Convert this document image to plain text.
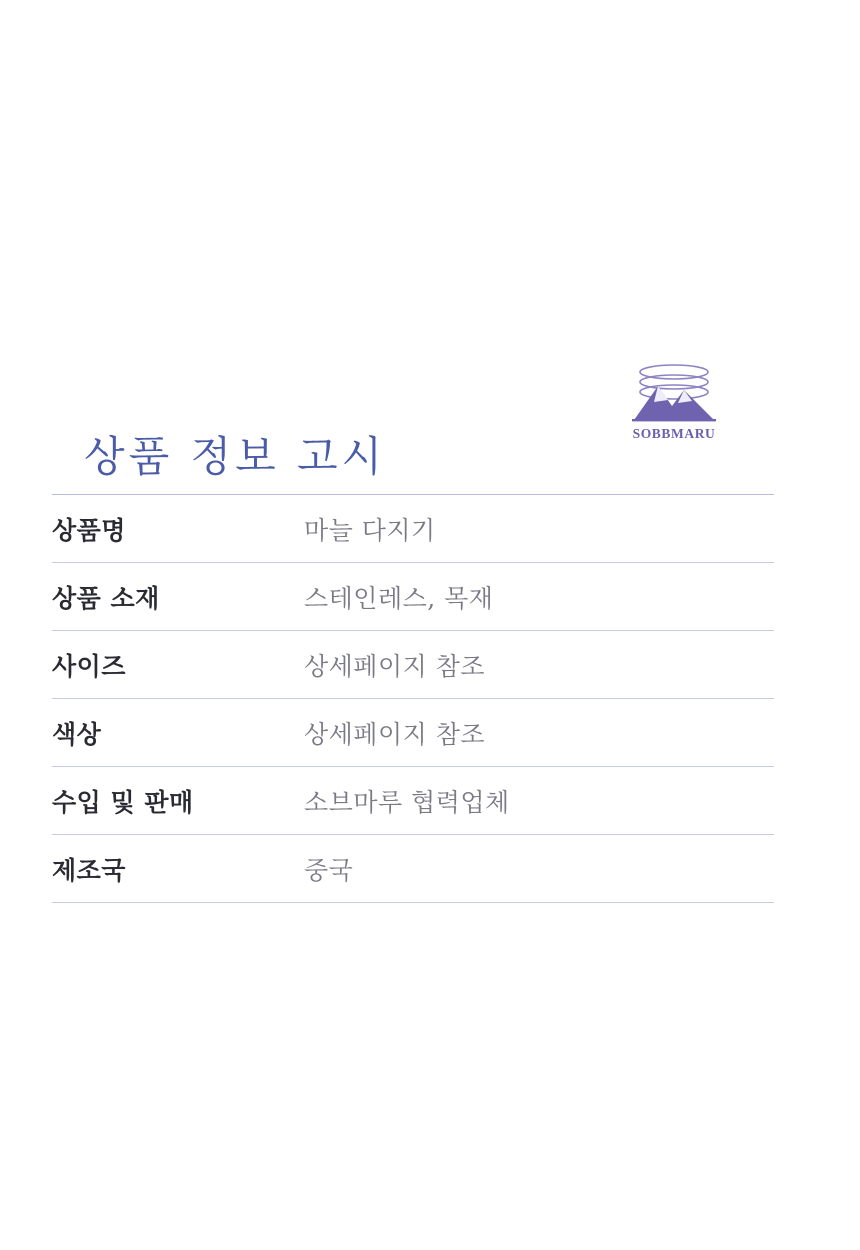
SOBBMARU
상품 정보 고시
상품명	마늘 다지기
상품 소재	스테인레스, 목재
사이즈	상세페이지 참조
색상	상세페이지 참조
수입 및 판매	소브마루 협력업체
제조국	중국
